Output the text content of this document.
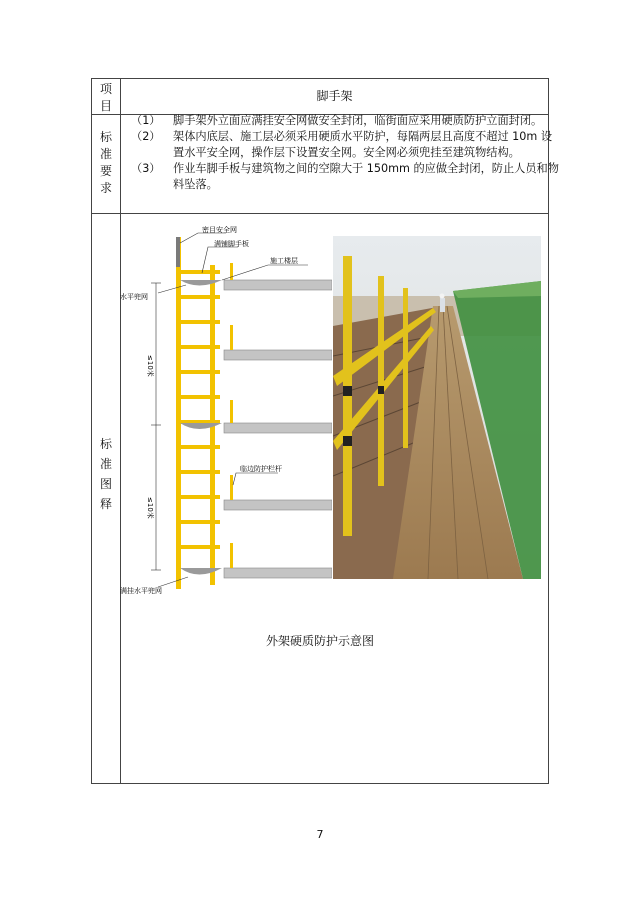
项
目
脚手架
标
准
要
求
（1） 脚手架外立面应满挂安全网做安全封闭，临街面应采用硬质防护立面封闭。
（2） 架体内底层、施工层必须采用硬质水平防护，每隔两层且高度不超过 10m 设置水平安全网，操作层下设置安全网。安全网必须兜挂至建筑物结构。
（3） 作业车脚手板与建筑物之间的空隙大于 150mm 的应做全封闭，防止人员和物料坠落。
标
准
图
释
≤10米
≤10米
密目安全网
满铺脚手板
施工楼层
水平兜网
临边防护栏杆
满挂水平兜网
外架硬质防护示意图
7
